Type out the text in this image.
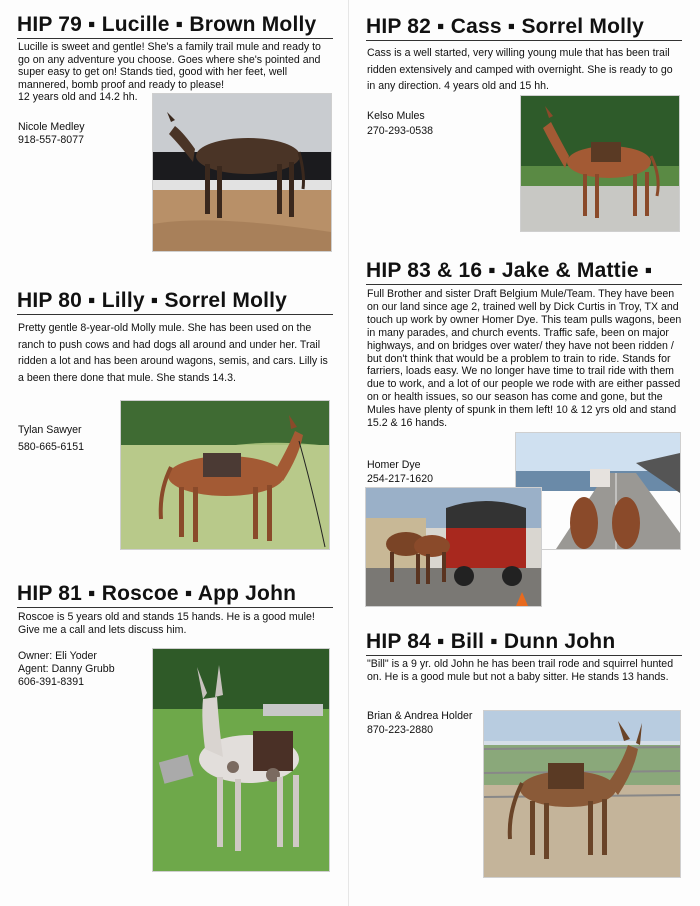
HIP 79 ▪ Lucille ▪ Brown Molly
Lucille is sweet and gentle! She's a family trail mule and ready to go on any adventure you choose. Goes where she's pointed and super easy to get on! Stands tied, good with her feet, well mannered, bomb proof and ready to please!
12 years old and 14.2 hh.
Nicole Medley
918-557-8077
HIP 80 ▪ Lilly ▪ Sorrel Molly
Pretty gentle 8-year-old Molly mule. She has been used on the ranch to push cows and had dogs all around and under her. Trail ridden a lot and has been around wagons, semis, and cars. Lilly is a been there done that mule. She stands 14.3.
Tylan Sawyer
580-665-6151
HIP 81 ▪ Roscoe ▪ App John
Roscoe is 5 years old and stands 15 hands. He is a good mule! Give me a call and lets discuss him.
Owner: Eli Yoder
Agent: Danny Grubb
606-391-8391
HIP 82 ▪ Cass ▪ Sorrel Molly
Cass is a well started, very willing young mule that has been trail ridden extensively and camped with overnight. She is ready to go in any direction. 4 years old and 15 hh.
Kelso Mules
270-293-0538
HIP 83 & 16 ▪ Jake & Mattie ▪
Full Brother and sister Draft Belgium Mule/Team. They have been on our land since age 2, trained well by Dick Curtis in Troy, TX and touch up work by owner Homer Dye. This team pulls wagons, been in many parades, and church events. Traffic safe, been on major highways, and on bridges over water/ they have not been ridden / but don't think that would be a problem to train to ride. Stands for farriers, loads easy. We no longer have time to trail ride with them due to work, and a lot of our people we rode with are either passed on or health issues, so our season has come and gone, but the Mules have plenty of spunk in them left! 10 & 12 yrs old and stand 15.2 & 16 hands.
Homer Dye
254-217-1620
HIP 84 ▪ Bill ▪ Dunn John
"Bill" is a 9 yr. old John he has been trail rode and squirrel hunted on. He is a good mule but not a baby sitter. He stands 13 hands.
Brian & Andrea Holder
870-223-2880
